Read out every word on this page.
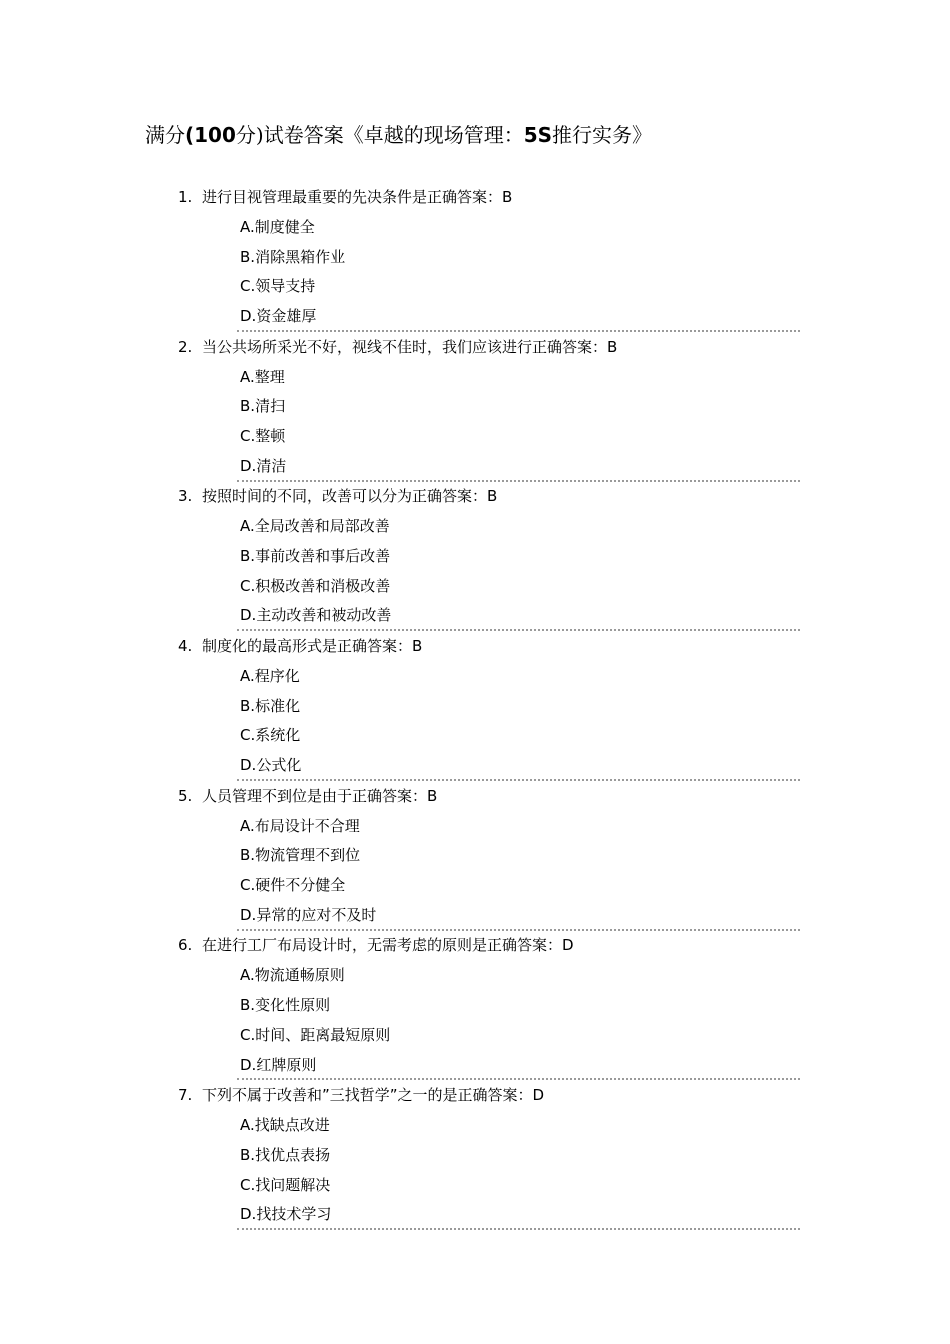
满分(100分)试卷答案《卓越的现场管理：5S推行实务》
1. 进行目视管理最重要的先决条件是正确答案：B
A.制度健全
B.消除黑箱作业
C.领导支持
D.资金雄厚
2. 当公共场所采光不好，视线不佳时，我们应该进行正确答案：B
A.整理
B.清扫
C.整顿
D.清洁
3. 按照时间的不同，改善可以分为正确答案：B
A.全局改善和局部改善
B.事前改善和事后改善
C.积极改善和消极改善
D.主动改善和被动改善
4. 制度化的最高形式是正确答案：B
A.程序化
B.标准化
C.系统化
D.公式化
5. 人员管理不到位是由于正确答案：B
A.布局设计不合理
B.物流管理不到位
C.硬件不分健全
D.异常的应对不及时
6. 在进行工厂布局设计时，无需考虑的原则是正确答案：D
A.物流通畅原则
B.变化性原则
C.时间、距离最短原则
D.红牌原则
7. 下列不属于改善和”三找哲学”之一的是正确答案：D
A.找缺点改进
B.找优点表扬
C.找问题解决
D.找技术学习
